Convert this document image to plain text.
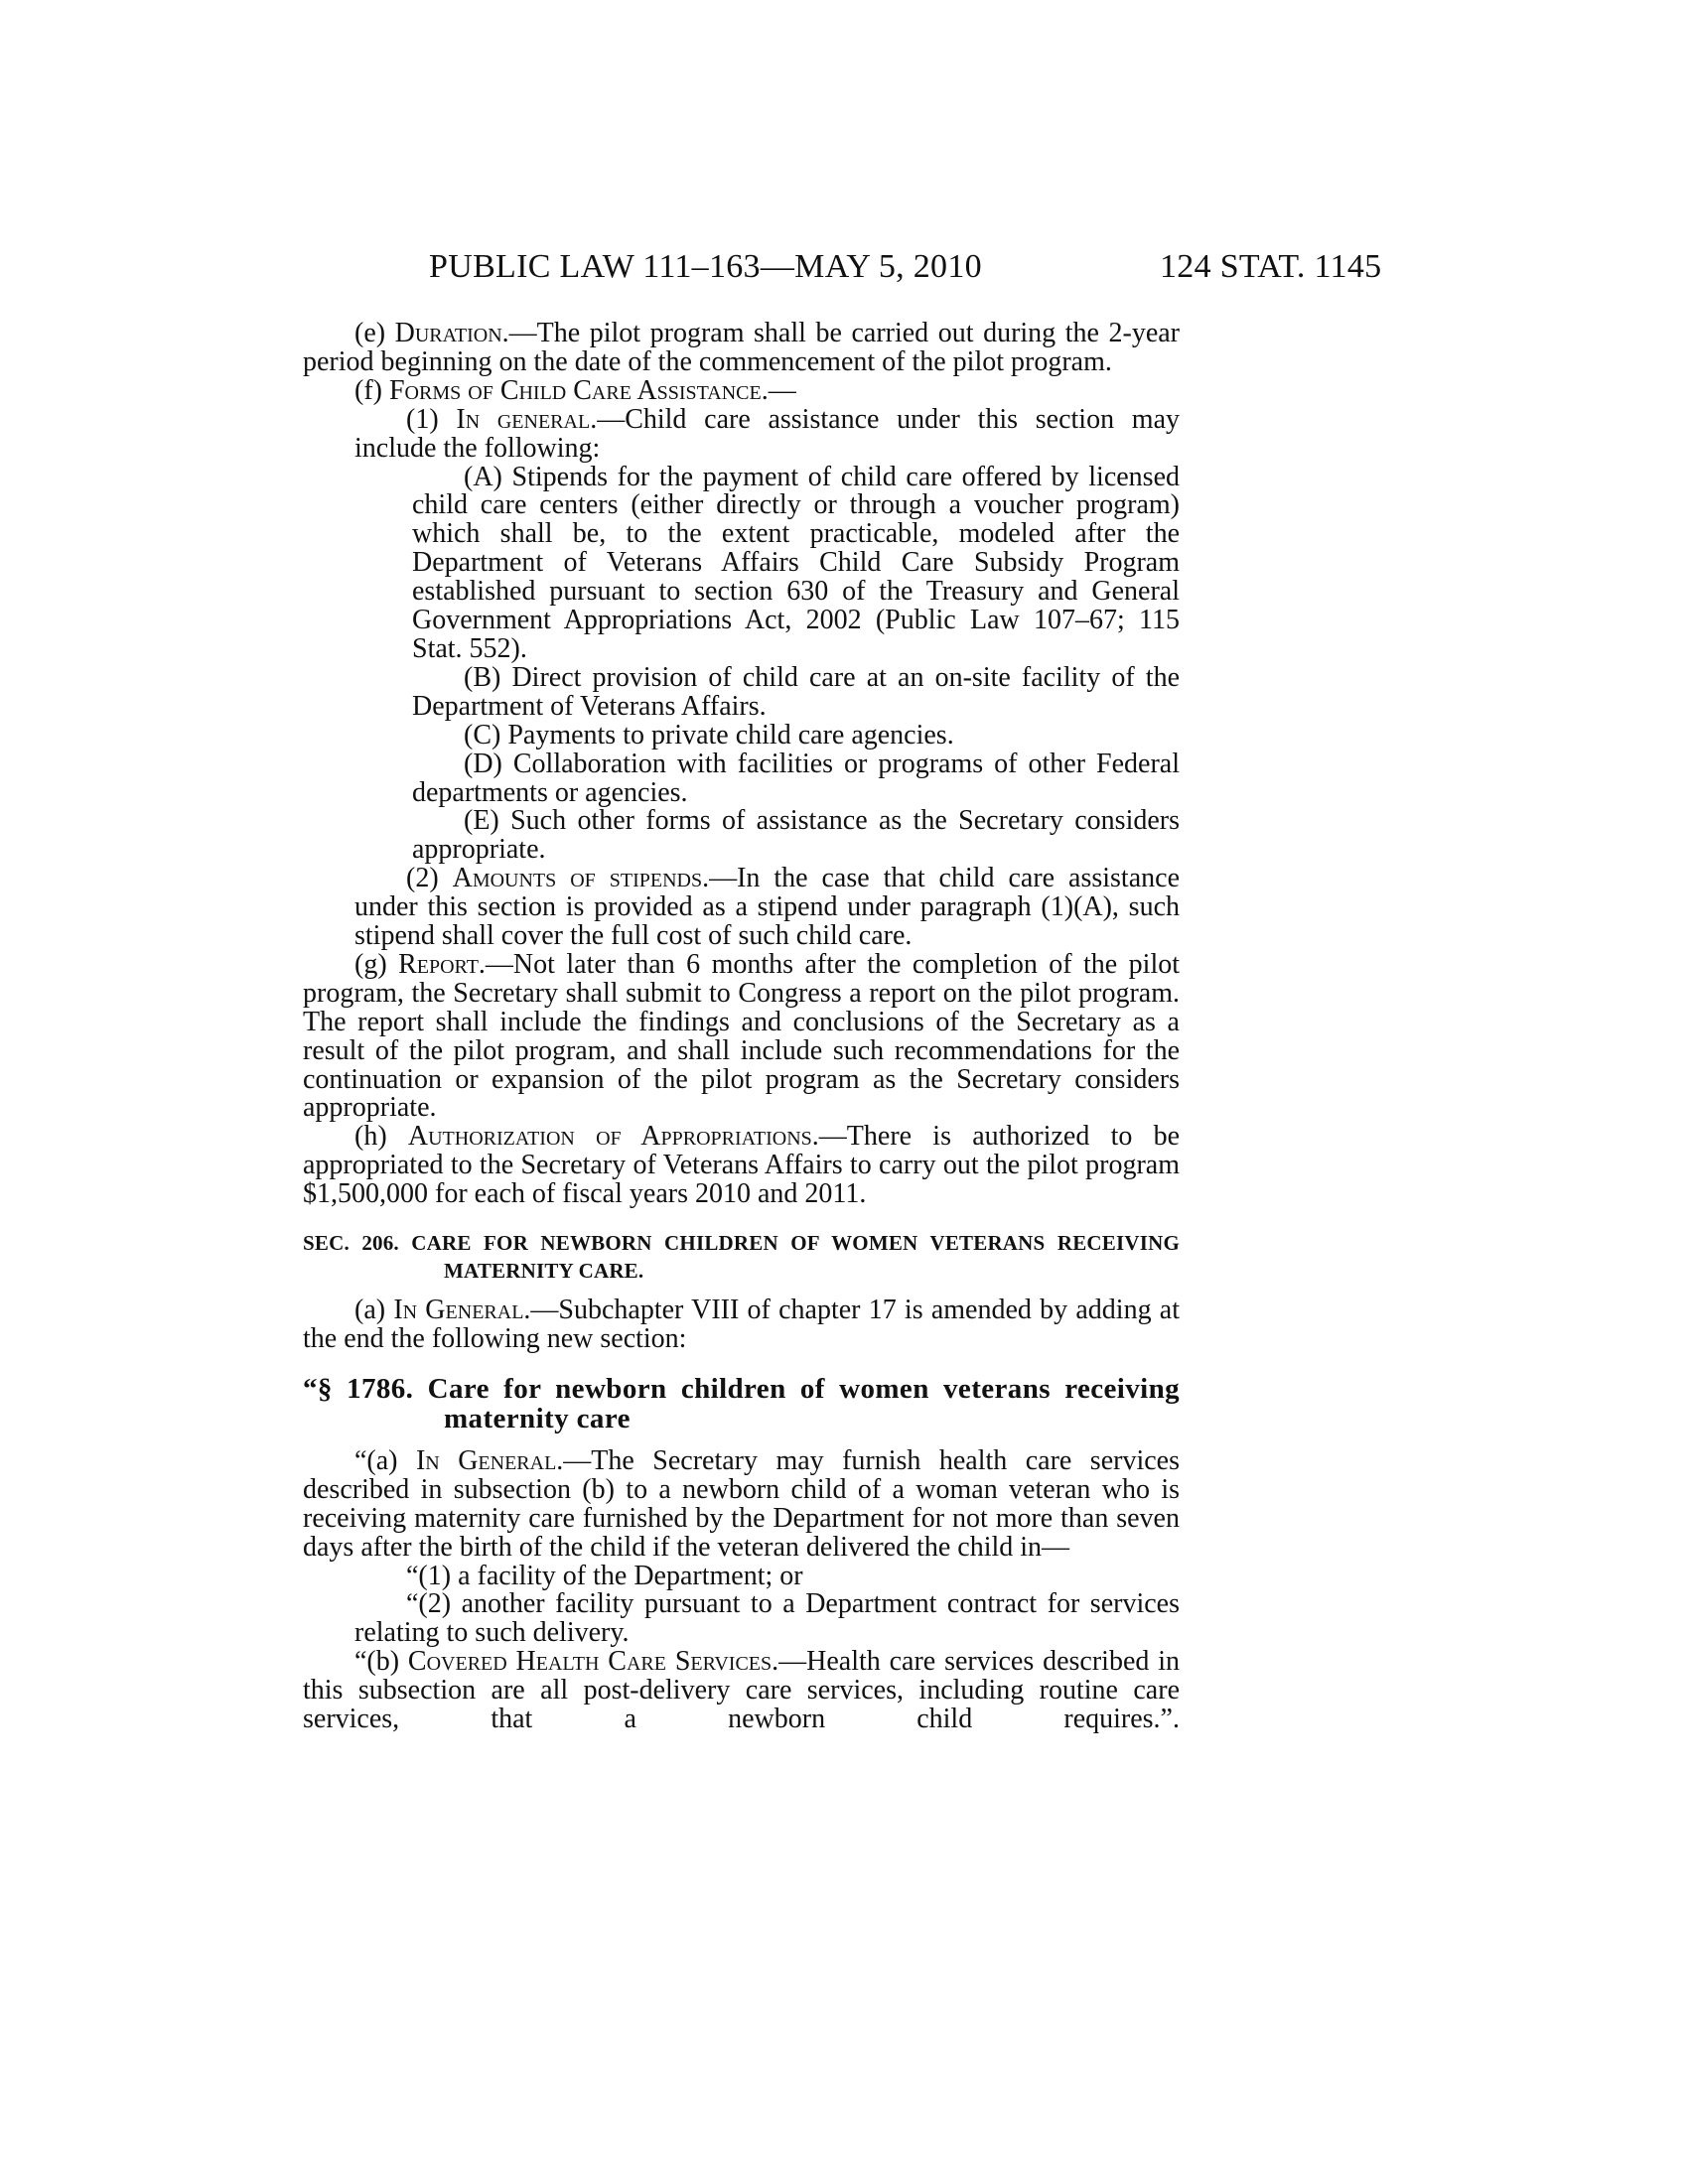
PUBLIC LAW 111–163—MAY 5, 2010	124 STAT. 1145

(e) Duration.—The pilot program shall be carried out during the 2-year period beginning on the date of the commencement of the pilot program.

(f) Forms of Child Care Assistance.—

(1) In general.—Child care assistance under this section may include the following:

(A) Stipends for the payment of child care offered by licensed child care centers (either directly or through a voucher program) which shall be, to the extent practicable, modeled after the Department of Veterans Affairs Child Care Subsidy Program established pursuant to section 630 of the Treasury and General Government Appropriations Act, 2002 (Public Law 107–67; 115 Stat. 552).

(B) Direct provision of child care at an on-site facility of the Department of Veterans Affairs.

(C) Payments to private child care agencies.

(D) Collaboration with facilities or programs of other Federal departments or agencies.

(E) Such other forms of assistance as the Secretary considers appropriate.

(2) Amounts of stipends.—In the case that child care assistance under this section is provided as a stipend under paragraph (1)(A), such stipend shall cover the full cost of such child care.

(g) Report.—Not later than 6 months after the completion of the pilot program, the Secretary shall submit to Congress a report on the pilot program. The report shall include the findings and conclusions of the Secretary as a result of the pilot program, and shall include such recommendations for the continuation or expansion of the pilot program as the Secretary considers appropriate.

(h) Authorization of Appropriations.—There is authorized to be appropriated to the Secretary of Veterans Affairs to carry out the pilot program $1,500,000 for each of fiscal years 2010 and 2011.

SEC. 206. CARE FOR NEWBORN CHILDREN OF WOMEN VETERANS RECEIVING MATERNITY CARE.

(a) In General.—Subchapter VIII of chapter 17 is amended by adding at the end the following new section:

“§ 1786. Care for newborn children of women veterans receiving maternity care

“(a) In General.—The Secretary may furnish health care services described in subsection (b) to a newborn child of a woman veteran who is receiving maternity care furnished by the Department for not more than seven days after the birth of the child if the veteran delivered the child in—

“(1) a facility of the Department; or

“(2) another facility pursuant to a Department contract for services relating to such delivery.

“(b) Covered Health Care Services.—Health care services described in this subsection are all post-delivery care services, including routine care services, that a newborn child requires.”.
